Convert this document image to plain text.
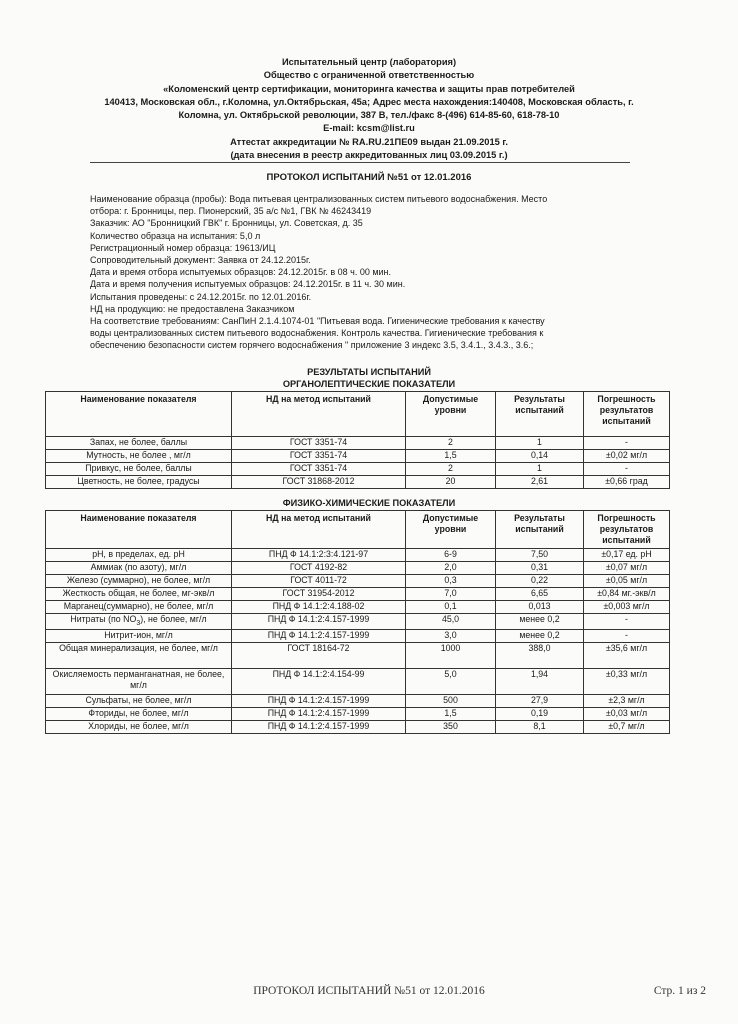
Испытательный центр (лаборатория)
Общество с ограниченной ответственностью
«Коломенский центр сертификации, мониторинга качества и защиты прав потребителей
140413, Московская обл., г.Коломна, ул.Октябрьская, 45а; Адрес места нахождения:140408, Московская область, г.
Коломна, ул. Октябрьской революции, 387 В, тел./факс 8-(496) 614-85-60, 618-78-10
E-mail: kcsm@list.ru
Аттестат аккредитации № RA.RU.21ПЕ09 выдан 21.09.2015 г.
(дата внесения в реестр аккредитованных лиц 03.09.2015 г.)
ПРОТОКОЛ ИСПЫТАНИЙ №51 от 12.01.2016
Наименование образца (пробы): Вода питьевая централизованных систем питьевого водоснабжения. Место
отбора: г. Бронницы, пер. Пионерский, 35 а/с №1, ГВК № 46243419
Заказчик: АО "Бронницкий ГВК" г. Бронницы, ул. Советская, д. 35
Количество образца на испытания: 5,0 л
Регистрационный номер образца: 19613/ИЦ
Сопроводительный документ: Заявка от 24.12.2015г.
Дата и время отбора испытуемых образцов: 24.12.2015г. в 08 ч. 00 мин.
Дата и время получения испытуемых образцов: 24.12.2015г. в 11 ч. 30 мин.
Испытания проведены: с 24.12.2015г. по 12.01.2016г.
НД на продукцию: не предоставлена Заказчиком
На соответствие требованиям: СанПиН 2.1.4.1074-01 "Питьевая вода. Гигиенические требования к качеству
воды централизованных систем питьевого водоснабжения. Контроль качества. Гигиенические требования к
обеспечению безопасности систем горячего водоснабжения " приложение 3 индекс 3.5, 3.4.1., 3.4.3., 3.6.;
РЕЗУЛЬТАТЫ ИСПЫТАНИЙ
ОРГАНОЛЕПТИЧЕСКИЕ ПОКАЗАТЕЛИ
Наименование показателя	НД на метод испытаний	Допустимые уровни	Результаты испытаний	Погрешность результатов испытаний
Запах, не более, баллы	ГОСТ 3351-74	2	1	-
Мутность, не более , мг/л	ГОСТ 3351-74	1,5	0,14	±0,02 мг/л
Привкус, не более, баллы	ГОСТ 3351-74	2	1	-
Цветность, не более, градусы	ГОСТ 31868-2012	20	2,61	±0,66 град
ФИЗИКО-ХИМИЧЕСКИЕ ПОКАЗАТЕЛИ
Наименование показателя	НД на метод испытаний	Допустимые уровни	Результаты испытаний	Погрешность результатов испытаний
pH, в пределах, ед. pH	ПНД Ф 14.1:2:3:4.121-97	6-9	7,50	±0,17 ед. pH
Аммиак (по азоту), мг/л	ГОСТ 4192-82	2,0	0,31	±0,07 мг/л
Железо (суммарно), не более, мг/л	ГОСТ 4011-72	0,3	0,22	±0,05 мг/л
Жесткость общая, не более, мг-экв/л	ГОСТ 31954-2012	7,0	6,65	±0,84 мг.-экв/л
Марганец(суммарно), не более, мг/л	ПНД Ф 14.1:2:4.188-02	0,1	0,013	±0,003 мг/л
Нитраты (по $NO_3$), не более, мг/л	ПНД Ф 14.1:2:4.157-1999	45,0	менее 0,2	-
Нитрит-ион, мг/л	ПНД Ф 14.1:2:4.157-1999	3,0	менее 0,2	-
Общая минерализация, не более, мг/л	ГОСТ 18164-72	1000	388,0	±35,6 мг/л
Окисляемость перманганатная, не более, мг/л	ПНД Ф 14.1:2:4.154-99	5,0	1,94	±0,33 мг/л
Сульфаты, не более, мг/л	ПНД Ф 14.1:2:4.157-1999	500	27,9	±2,3 мг/л
Фториды, не более, мг/л	ПНД Ф 14.1:2:4.157-1999	1,5	0,19	±0,03 мг/л
Хлориды, не более, мг/л	ПНД Ф 14.1:2:4.157-1999	350	8,1	±0,7 мг/л
ПРОТОКОЛ ИСПЫТАНИЙ №51 от 12.01.2016	Стр. 1 из 2
